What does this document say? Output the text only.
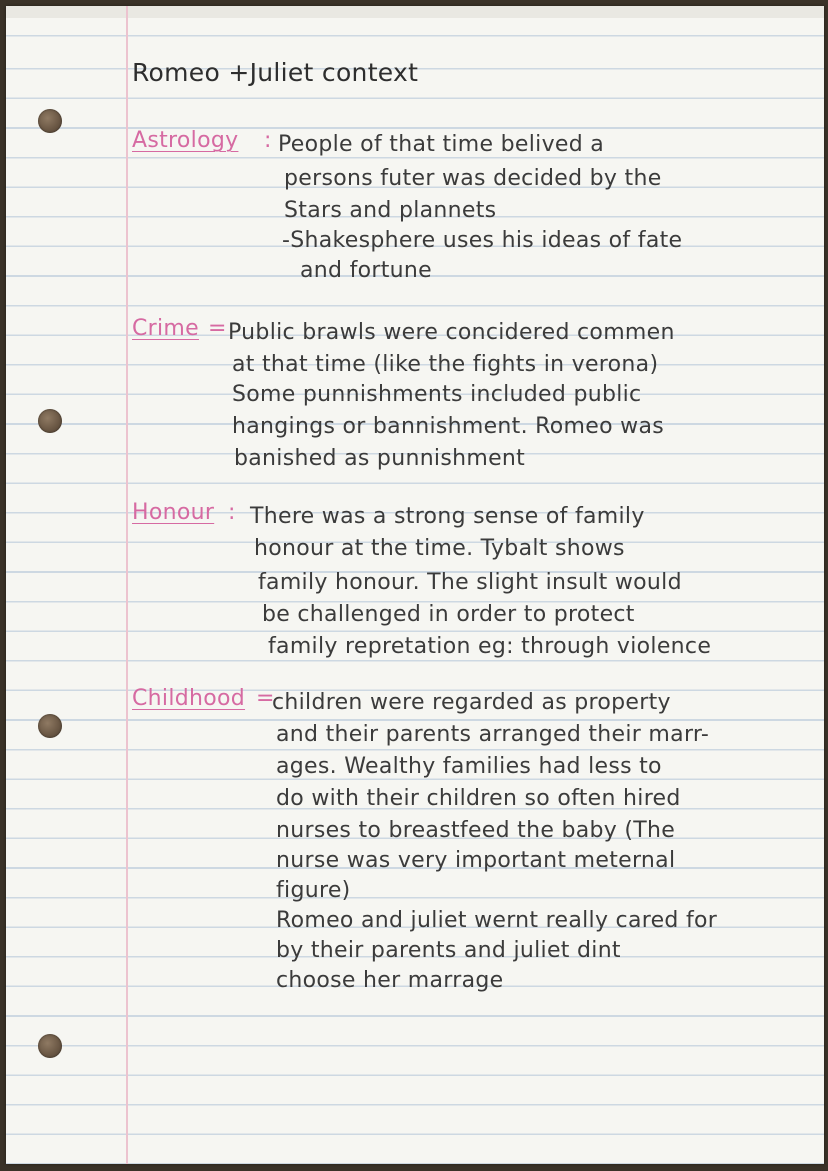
Romeo +Juliet context
Astrology : People of that time belived a
persons futer was decided by the
Stars and plannets
-Shakesphere uses his ideas of fate
and fortune
Crime = Public brawls were concidered commen
at that time (like the fights in verona)
Some punnishments included public
hangings or bannishment. Romeo was
banished as punnishment
Honour : There was a strong sense of family
honour at the time. Tybalt shows
family honour. The slight insult would
be challenged in order to protect
family repretation eg: through violence
Childhood =
children were regarded as property
and their parents arranged their marr-
ages. Wealthy families had less to
do with their children so often hired
nurses to breastfeed the baby (The
nurse was very important meternal
figure)
Romeo and juliet wernt really cared for
by their parents and juliet dint
choose her marrage
